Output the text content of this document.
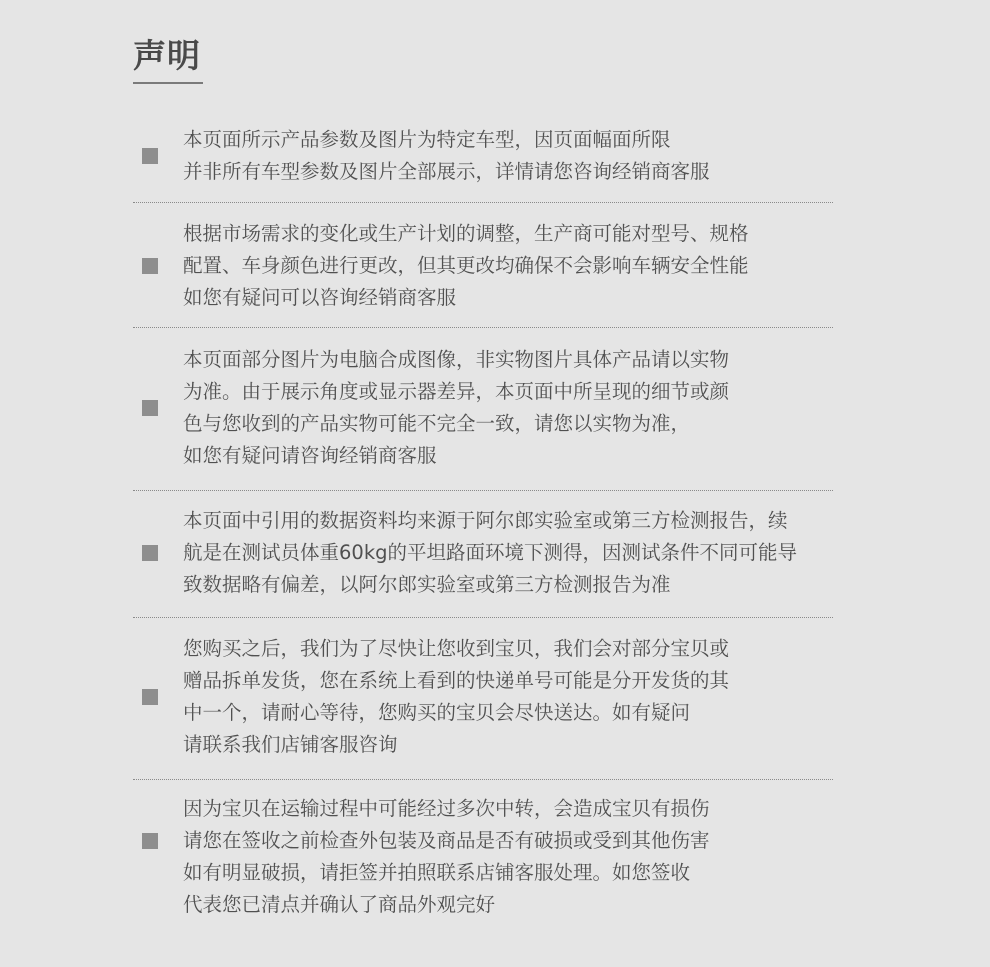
声明
本页面所示产品参数及图片为特定车型，因页面幅面所限
并非所有车型参数及图片全部展示，详情请您咨询经销商客服
根据市场需求的变化或生产计划的调整，生产商可能对型号、规格
配置、车身颜色进行更改，但其更改均确保不会影响车辆安全性能
如您有疑问可以咨询经销商客服
本页面部分图片为电脑合成图像，非实物图片具体产品请以实物
为准。由于展示角度或显示器差异，本页面中所呈现的细节或颜
色与您收到的产品实物可能不完全一致，请您以实物为准，
如您有疑问请咨询经销商客服
本页面中引用的数据资料均来源于阿尔郎实验室或第三方检测报告，续
航是在测试员体重60kg的平坦路面环境下测得，因测试条件不同可能导
致数据略有偏差，以阿尔郎实验室或第三方检测报告为准
您购买之后，我们为了尽快让您收到宝贝，我们会对部分宝贝或
赠品拆单发货，您在系统上看到的快递单号可能是分开发货的其
中一个，请耐心等待，您购买的宝贝会尽快送达。如有疑问
请联系我们店铺客服咨询
因为宝贝在运输过程中可能经过多次中转，会造成宝贝有损伤
请您在签收之前检查外包装及商品是否有破损或受到其他伤害
如有明显破损，请拒签并拍照联系店铺客服处理。如您签收
代表您已清点并确认了商品外观完好
